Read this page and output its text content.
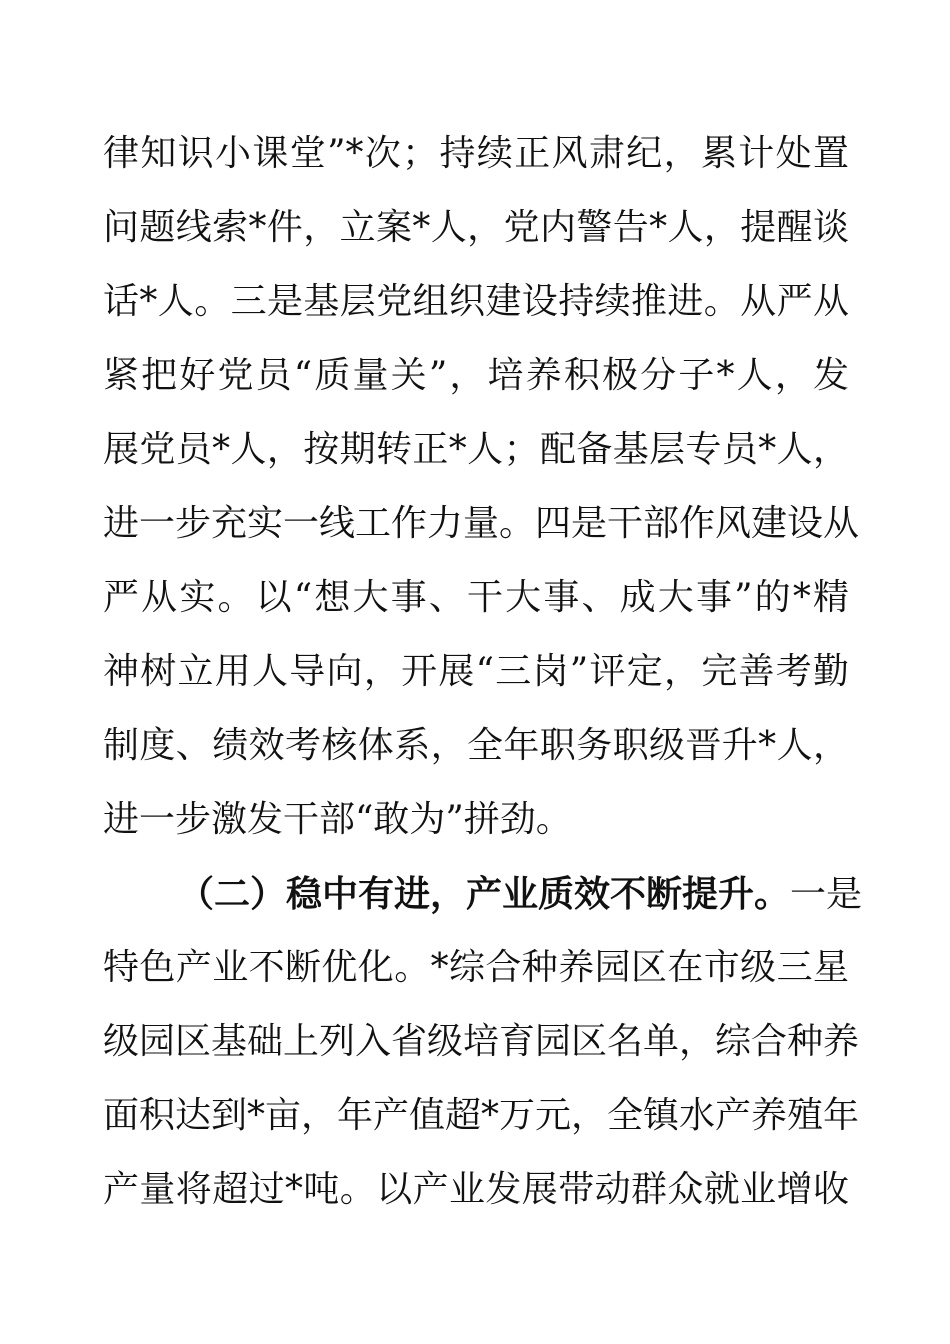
律知识小课堂”*次；持续正风肃纪，累计处置
问题线索*件，立案*人，党内警告*人，提醒谈
话*人。三是基层党组织建设持续推进。从严从
紧把好党员“质量关”，培养积极分子*人，发
展党员*人，按期转正*人；配备基层专员*人，
进一步充实一线工作力量。四是干部作风建设从
严从实。以“想大事、干大事、成大事”的*精
神树立用人导向，开展“三岗”评定，完善考勤
制度、绩效考核体系，全年职务职级晋升*人，
进一步激发干部“敢为”拼劲。
（二）稳中有进，产业质效不断提升。一是
特色产业不断优化。*综合种养园区在市级三星
级园区基础上列入省级培育园区名单，综合种养
面积达到*亩，年产值超*万元，全镇水产养殖年
产量将超过*吨。以产业发展带动群众就业增收
